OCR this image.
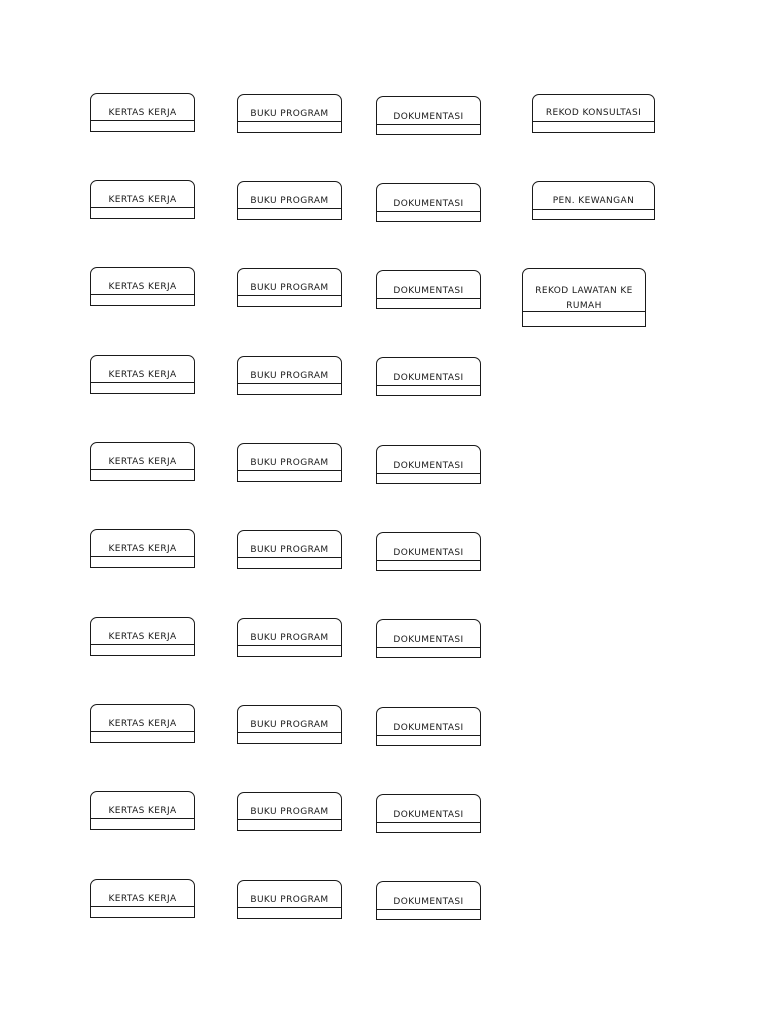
KERTAS KERJA
KERTAS KERJA
KERTAS KERJA
KERTAS KERJA
KERTAS KERJA
KERTAS KERJA
KERTAS KERJA
KERTAS KERJA
KERTAS KERJA
KERTAS KERJA
BUKU PROGRAM
BUKU PROGRAM
BUKU PROGRAM
BUKU PROGRAM
BUKU PROGRAM
BUKU PROGRAM
BUKU PROGRAM
BUKU PROGRAM
BUKU PROGRAM
BUKU PROGRAM
DOKUMENTASI
DOKUMENTASI
DOKUMENTASI
DOKUMENTASI
DOKUMENTASI
DOKUMENTASI
DOKUMENTASI
DOKUMENTASI
DOKUMENTASI
DOKUMENTASI
REKOD KONSULTASI
PEN. KEWANGAN
REKOD LAWATAN KE RUMAH
